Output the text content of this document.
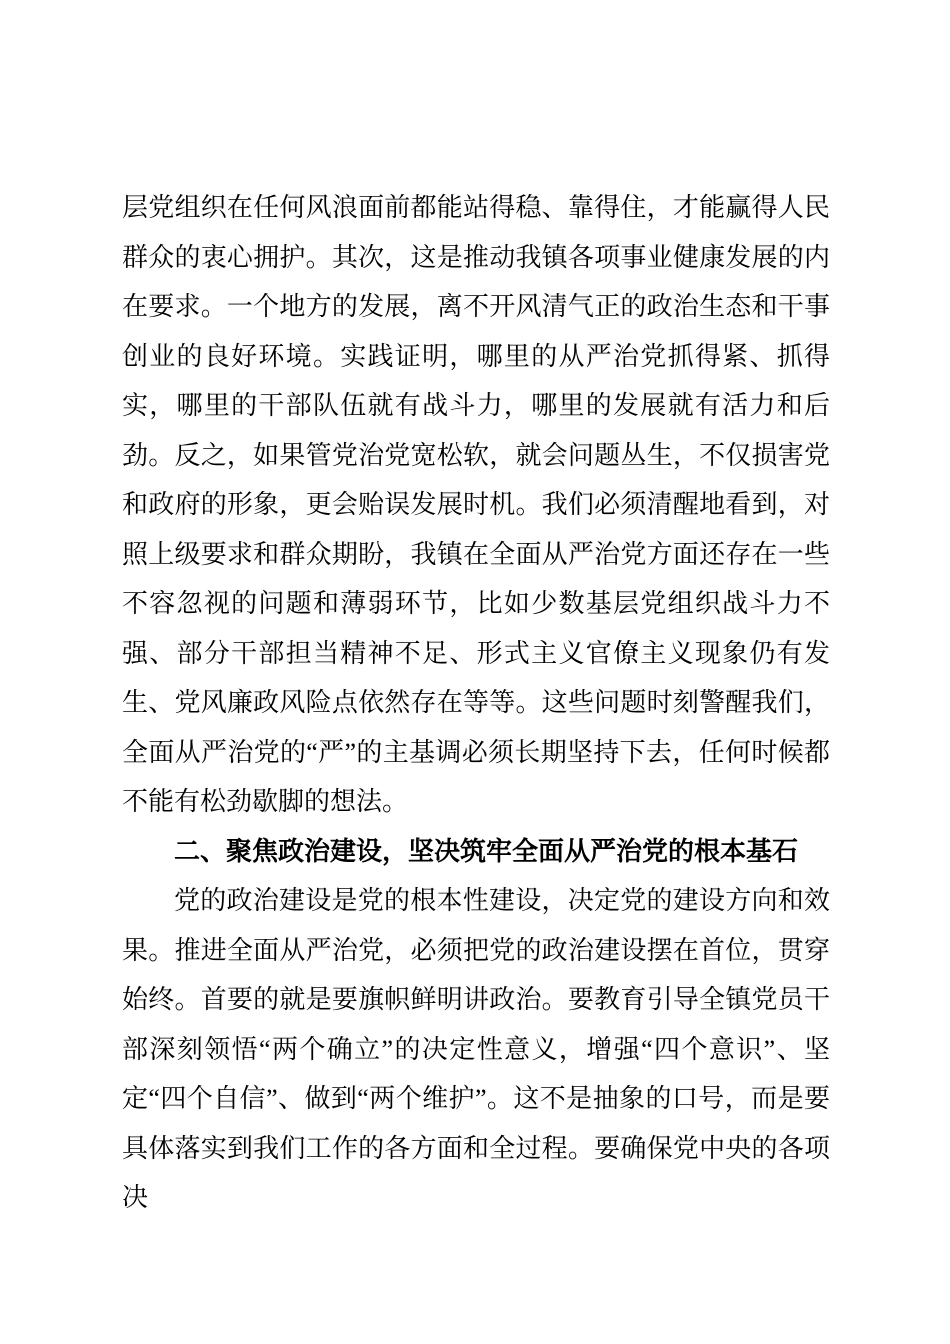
层党组织在任何风浪面前都能站得稳、靠得住，才能赢得人民群众的衷心拥护。其次，这是推动我镇各项事业健康发展的内在要求。一个地方的发展，离不开风清气正的政治生态和干事创业的良好环境。实践证明，哪里的从严治党抓得紧、抓得实，哪里的干部队伍就有战斗力，哪里的发展就有活力和后劲。反之，如果管党治党宽松软，就会问题丛生，不仅损害党和政府的形象，更会贻误发展时机。我们必须清醒地看到，对照上级要求和群众期盼，我镇在全面从严治党方面还存在一些不容忽视的问题和薄弱环节，比如少数基层党组织战斗力不强、部分干部担当精神不足、形式主义官僚主义现象仍有发生、党风廉政风险点依然存在等等。这些问题时刻警醒我们，全面从严治党的“严”的主基调必须长期坚持下去，任何时候都不能有松劲歇脚的想法。

二、聚焦政治建设，坚决筑牢全面从严治党的根本基石

党的政治建设是党的根本性建设，决定党的建设方向和效果。推进全面从严治党，必须把党的政治建设摆在首位，贯穿始终。首要的就是要旗帜鲜明讲政治。要教育引导全镇党员干部深刻领悟“两个确立”的决定性意义，增强“四个意识”、坚定“四个自信”、做到“两个维护”。这不是抽象的口号，而是要具体落实到我们工作的各方面和全过程。要确保党中央的各项决
